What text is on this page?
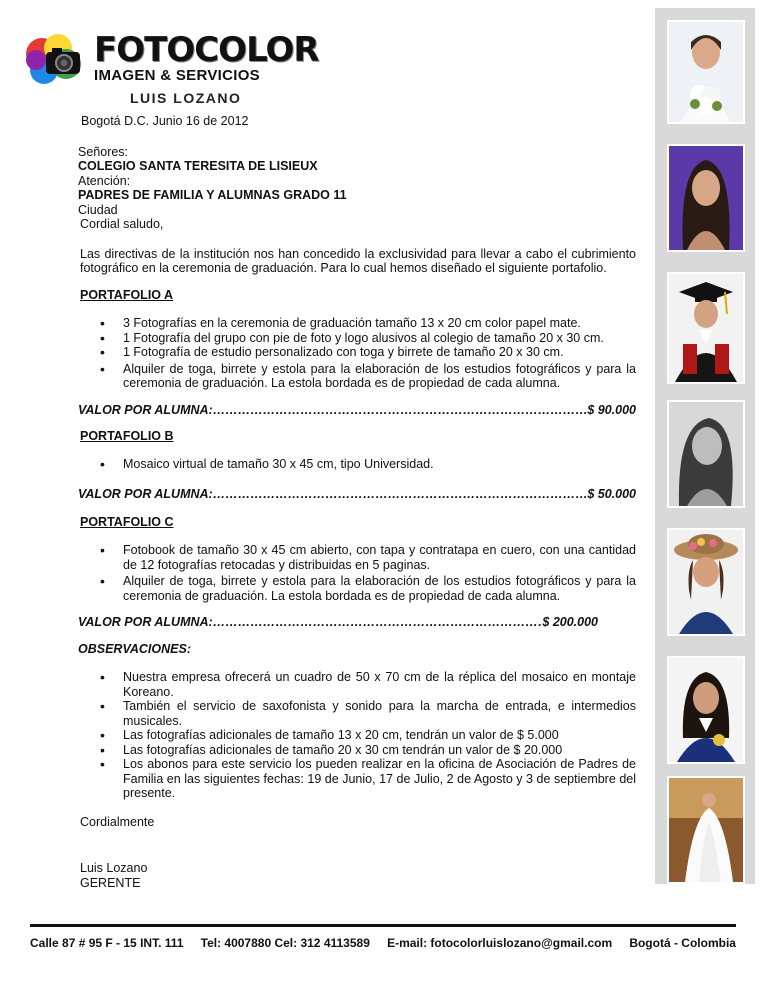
FOTOCOLOR
IMAGEN & SERVICIOS
LUIS LOZANO

Bogotá D.C. Junio 16 de 2012

Señores:

COLEGIO SANTA TERESITA DE LISIEUX

Atención:

PADRES DE FAMILIA Y ALUMNAS GRADO 11

Ciudad

Cordial saludo,

Las directivas de la institución nos han concedido la exclusividad para llevar a cabo el cubrimiento fotográfico en la ceremonia de graduación. Para lo cual hemos diseñado el siguiente portafolio.

PORTAFOLIO A

• 3 Fotografías en la ceremonia de graduación tamaño 13 x 20 cm color papel mate.
• 1 Fotografía del grupo con pie de foto y logo alusivos al colegio de tamaño 20 x 30 cm.
• 1 Fotografía de estudio personalizado con toga y birrete de tamaño 20 x 30 cm.
• Alquiler de toga, birrete y estola para la elaboración de los estudios fotográficos y para la ceremonia de graduación. La estola bordada es de propiedad de cada alumna.
VALOR POR ALUMNA: ……………………………………………………………………………………………………………………………………	$ 90.000

PORTAFOLIO B

• Mosaico virtual de tamaño 30 x 45 cm, tipo Universidad.
VALOR POR ALUMNA: ……………………………………………………………………………………………………………………………………	$ 50.000

PORTAFOLIO C

• Fotobook de tamaño 30 x 45 cm abierto, con tapa y contratapa en cuero, con una cantidad de 12 fotografías retocadas y distribuidas en 5 paginas.
• Alquiler de toga, birrete y estola para la elaboración de los estudios fotográficos y para la ceremonia de graduación. La estola bordada es de propiedad de cada alumna.
VALOR POR ALUMNA: ……………………………………………………………………………………………………………………………………	$ 200.000

OBSERVACIONES:

• Nuestra empresa ofrecerá un cuadro de 50 x 70 cm de la réplica del mosaico en montaje Koreano.
• También el servicio de saxofonista y sonido para la marcha de entrada, e intermedios musicales.
• Las fotografías adicionales de tamaño 13 x 20 cm, tendrán un valor de $ 5.000
• Las fotografías adicionales de tamaño 20 x 30 cm tendrán un valor de $ 20.000
• Los abonos para este servicio los pueden realizar en la oficina de Asociación de Padres de Familia en las siguientes fechas: 19 de Junio, 17 de Julio, 2 de Agosto y 3 de septiembre del presente.

Cordialmente

Luis Lozano

GERENTE

Calle 87 # 95 F - 15 INT. 111 Tel: 4007880 Cel: 312 4113589 E-mail: fotocolorluislozano@gmail.com Bogotá - Colombia
